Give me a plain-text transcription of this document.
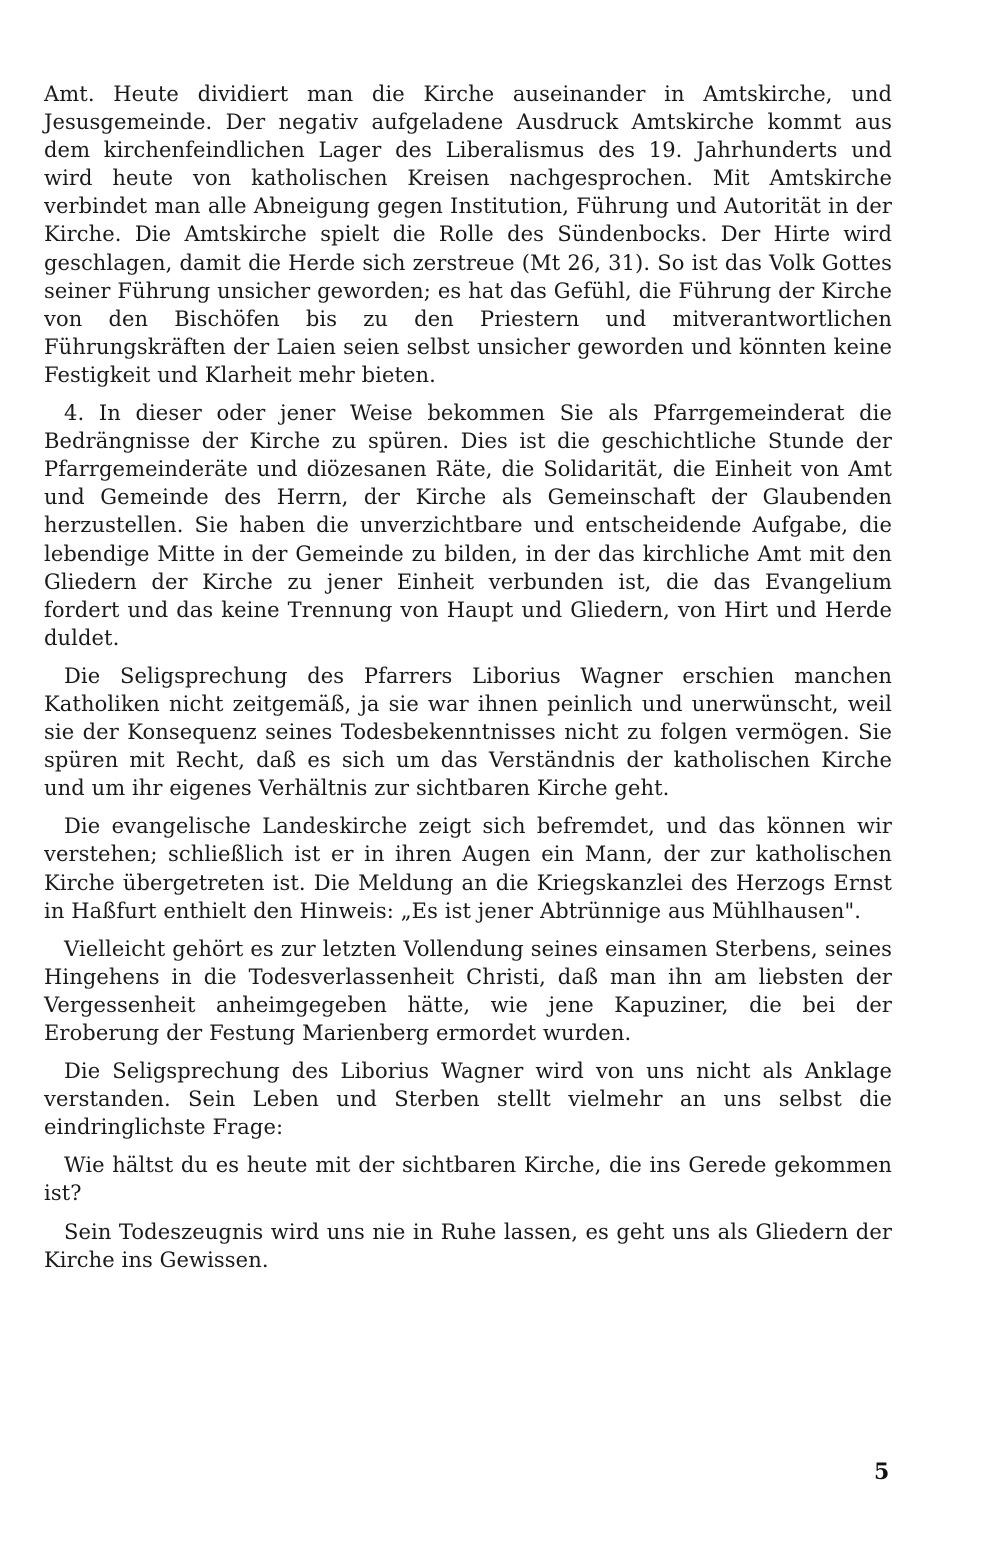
Amt. Heute dividiert man die Kirche auseinander in Amtskirche, und Jesusgemeinde. Der negativ aufgeladene Ausdruck Amtskirche kommt aus dem kirchenfeindlichen Lager des Liberalismus des 19. Jahrhunderts und wird heute von katholischen Kreisen nachgesprochen. Mit Amtskirche verbindet man alle Abneigung gegen Institution, Führung und Autorität in der Kirche. Die Amtskirche spielt die Rolle des Sündenbocks. Der Hirte wird geschlagen, damit die Herde sich zerstreue (Mt 26, 31). So ist das Volk Gottes seiner Führung unsicher geworden; es hat das Gefühl, die Führung der Kirche von den Bischöfen bis zu den Priestern und mitverantwortlichen Führungskräften der Laien seien selbst unsicher geworden und könnten keine Festigkeit und Klarheit mehr bieten.

4. In dieser oder jener Weise bekommen Sie als Pfarrgemeinderat die Bedrängnisse der Kirche zu spüren. Dies ist die geschichtliche Stunde der Pfarrgemeinderäte und diözesanen Räte, die Solidarität, die Einheit von Amt und Gemeinde des Herrn, der Kirche als Gemeinschaft der Glaubenden herzustellen. Sie haben die unverzichtbare und entscheidende Aufgabe, die lebendige Mitte in der Gemeinde zu bilden, in der das kirchliche Amt mit den Gliedern der Kirche zu jener Einheit verbunden ist, die das Evangelium fordert und das keine Trennung von Haupt und Gliedern, von Hirt und Herde duldet.

Die Seligsprechung des Pfarrers Liborius Wagner erschien manchen Katholiken nicht zeitgemäß, ja sie war ihnen peinlich und unerwünscht, weil sie der Konsequenz seines Todesbekenntnisses nicht zu folgen vermögen. Sie spüren mit Recht, daß es sich um das Verständnis der katholischen Kirche und um ihr eigenes Verhältnis zur sichtbaren Kirche geht.

Die evangelische Landeskirche zeigt sich befremdet, und das können wir verstehen; schließlich ist er in ihren Augen ein Mann, der zur katholischen Kirche übergetreten ist. Die Meldung an die Kriegskanzlei des Herzogs Ernst in Haßfurt enthielt den Hinweis: „Es ist jener Abtrünnige aus Mühlhausen".

Vielleicht gehört es zur letzten Vollendung seines einsamen Sterbens, seines Hingehens in die Todesverlassenheit Christi, daß man ihn am liebsten der Vergessenheit anheimgegeben hätte, wie jene Kapuziner, die bei der Eroberung der Festung Marienberg ermordet wurden.

Die Seligsprechung des Liborius Wagner wird von uns nicht als Anklage verstanden. Sein Leben und Sterben stellt vielmehr an uns selbst die eindringlichste Frage:

Wie hältst du es heute mit der sichtbaren Kirche, die ins Gerede gekommen ist?

Sein Todeszeugnis wird uns nie in Ruhe lassen, es geht uns als Gliedern der Kirche ins Gewissen.

5
